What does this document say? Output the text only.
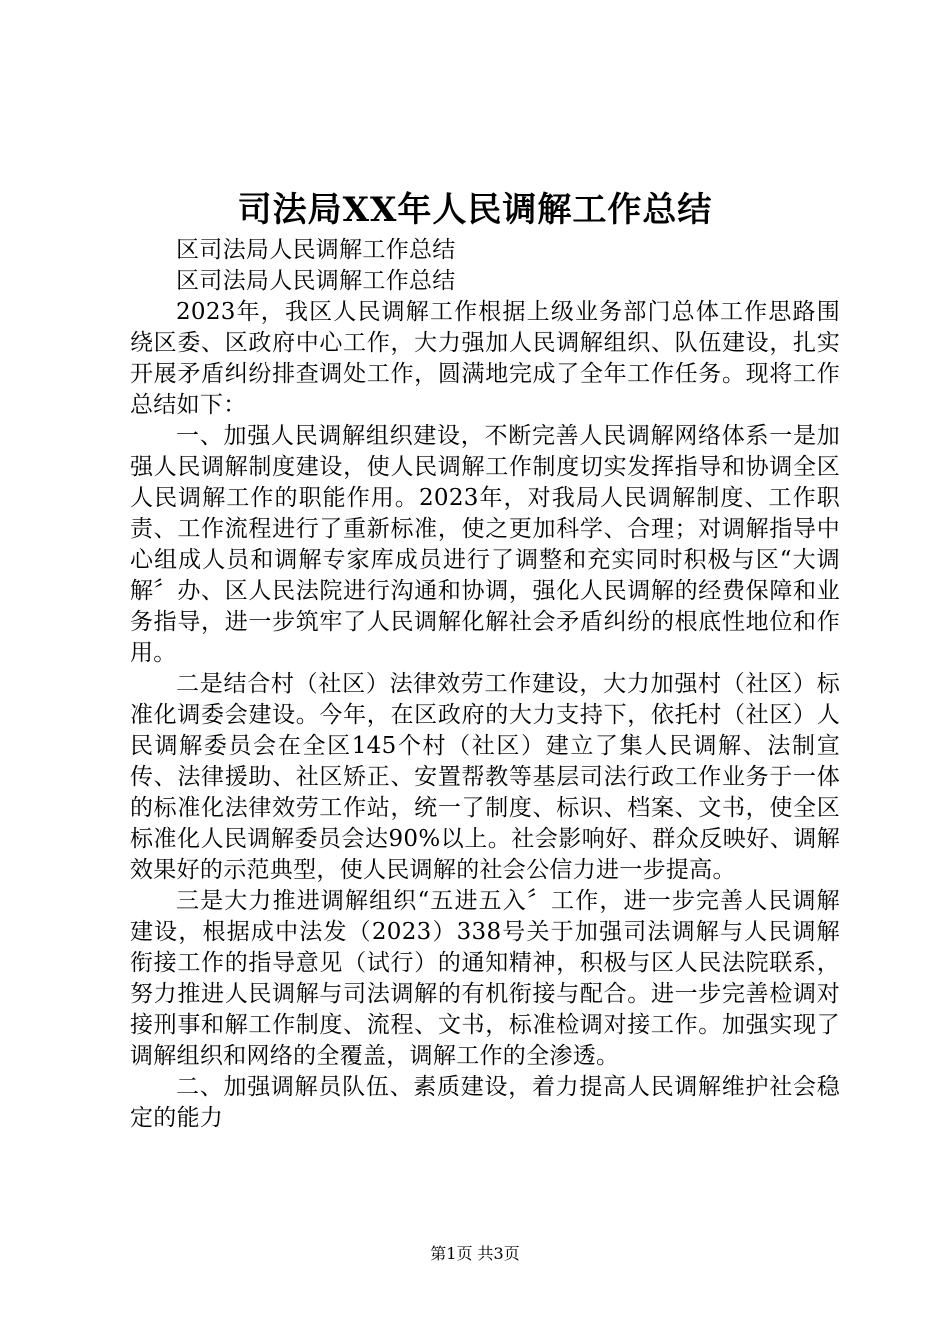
司法局XX年人民调解工作总结

区司法局人民调解工作总结

区司法局人民调解工作总结

2023年，我区人民调解工作根据上级业务部门总体工作思路围绕区委、区政府中心工作，大力强加人民调解组织、队伍建设，扎实开展矛盾纠纷排查调处工作，圆满地完成了全年工作任务。现将工作总结如下：

一、加强人民调解组织建设，不断完善人民调解网络体系一是加强人民调解制度建设，使人民调解工作制度切实发挥指导和协调全区人民调解工作的职能作用。2023年，对我局人民调解制度、工作职责、工作流程进行了重新标准，使之更加科学、合理；对调解指导中心组成人员和调解专家库成员进行了调整和充实同时积极与区“大调解〞办、区人民法院进行沟通和协调，强化人民调解的经费保障和业务指导，进一步筑牢了人民调解化解社会矛盾纠纷的根底性地位和作用。

二是结合村（社区）法律效劳工作建设，大力加强村（社区）标准化调委会建设。今年，在区政府的大力支持下，依托村（社区）人民调解委员会在全区145个村（社区）建立了集人民调解、法制宣传、法律援助、社区矫正、安置帮教等基层司法行政工作业务于一体的标准化法律效劳工作站，统一了制度、标识、档案、文书，使全区标准化人民调解委员会达90%以上。社会影响好、群众反映好、调解效果好的示范典型，使人民调解的社会公信力进一步提高。

三是大力推进调解组织“五进五入〞工作，进一步完善人民调解建设，根据成中法发（2023）338号关于加强司法调解与人民调解衔接工作的指导意见（试行）的通知精神，积极与区人民法院联系，努力推进人民调解与司法调解的有机衔接与配合。进一步完善检调对接刑事和解工作制度、流程、文书，标准检调对接工作。加强实现了调解组织和网络的全覆盖，调解工作的全渗透。

二、加强调解员队伍、素质建设，着力提高人民调解维护社会稳定的能力

第1页 共3页
